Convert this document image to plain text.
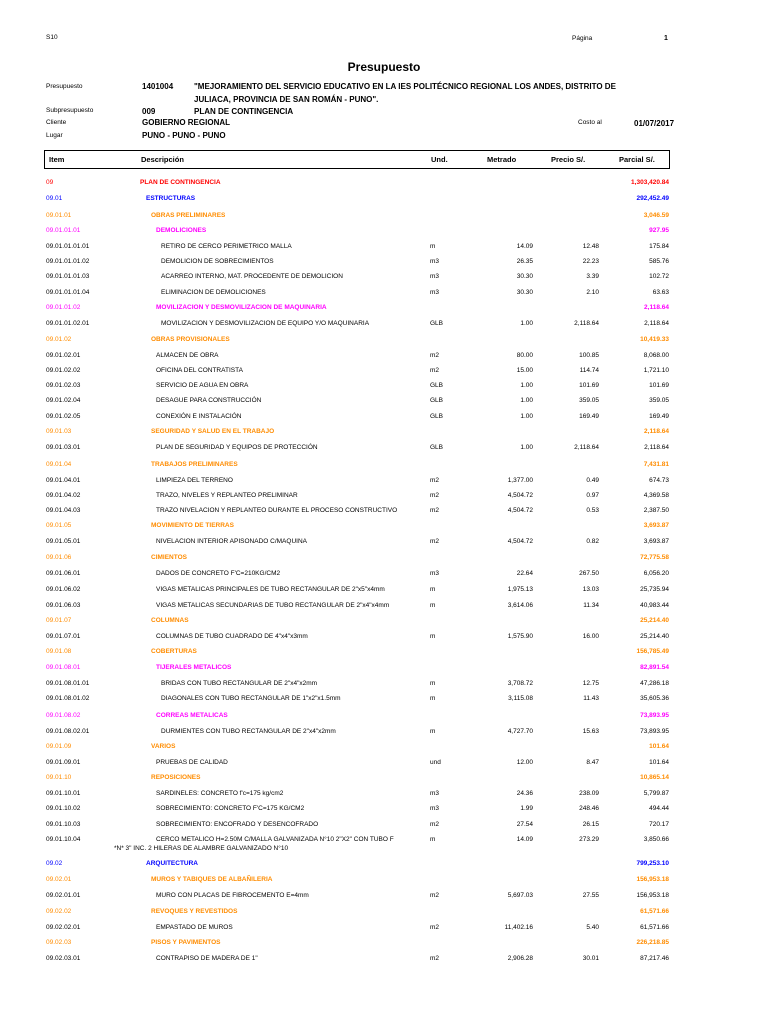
S10	Página	1
Presupuesto
Presupuesto	1401004	"MEJORAMIENTO DEL SERVICIO EDUCATIVO EN LA IES POLITÉCNICO REGIONAL LOS ANDES, DISTRITO DE
JULIACA, PROVINCIA DE SAN ROMÁN - PUNO".
Subpresupuesto	009	PLAN DE CONTINGENCIA
Cliente	GOBIERNO REGIONAL	Costo al	01/07/2017
Lugar	PUNO - PUNO - PUNO
Item	Descripción	Und.	Metrado	Precio S/.	Parcial S/.
09	PLAN DE CONTINGENCIA	1,303,420.84
09.01	ESTRUCTURAS	292,452.49
09.01.01	OBRAS PRELIMINARES	3,046.59
09.01.01.01	DEMOLICIONES	927.95
09.01.01.01.01	RETIRO DE CERCO PERIMETRICO MALLA	m	14.09	12.48	175.84
09.01.01.01.02	DEMOLICION DE SOBRECIMIENTOS	m3	26.35	22.23	585.76
09.01.01.01.03	ACARREO INTERNO, MAT. PROCEDENTE DE DEMOLICION	m3	30.30	3.39	102.72
09.01.01.01.04	ELIMINACION DE DEMOLICIONES	m3	30.30	2.10	63.63
09.01.01.02	MOVILIZACION Y DESMOVILIZACION DE MAQUINARIA	2,118.64
09.01.01.02.01	MOVILIZACION Y DESMOVILIZACION DE EQUIPO Y/O MAQUINARIA	GLB	1.00	2,118.64	2,118.64
09.01.02	OBRAS PROVISIONALES	10,419.33
09.01.02.01	ALMACEN DE OBRA	m2	80.00	100.85	8,068.00
09.01.02.02	OFICINA DEL CONTRATISTA	m2	15.00	114.74	1,721.10
09.01.02.03	SERVICIO DE AGUA EN OBRA	GLB	1.00	101.69	101.69
09.01.02.04	DESAGUE PARA CONSTRUCCIÓN	GLB	1.00	359.05	359.05
09.01.02.05	CONEXIÓN E INSTALACIÓN	GLB	1.00	169.49	169.49
09.01.03	SEGURIDAD Y SALUD EN EL TRABAJO	2,118.64
09.01.03.01	PLAN DE SEGURIDAD Y EQUIPOS DE PROTECCIÓN	GLB	1.00	2,118.64	2,118.64
09.01.04	TRABAJOS PRELIMINARES	7,431.81
09.01.04.01	LIMPIEZA DEL TERRENO	m2	1,377.00	0.49	674.73
09.01.04.02	TRAZO, NIVELES Y REPLANTEO PRELIMINAR	m2	4,504.72	0.97	4,369.58
09.01.04.03	TRAZO NIVELACION Y REPLANTEO DURANTE EL PROCESO CONSTRUCTIVO	m2	4,504.72	0.53	2,387.50
09.01.05	MOVIMIENTO DE TIERRAS	3,693.87
09.01.05.01	NIVELACION INTERIOR APISONADO C/MAQUINA	m2	4,504.72	0.82	3,693.87
09.01.06	CIMIENTOS	72,775.58
09.01.06.01	DADOS DE CONCRETO F'C=210KG/CM2	m3	22.64	267.50	6,056.20
09.01.06.02	VIGAS METALICAS PRINCIPALES DE TUBO RECTANGULAR DE 2"x5"x4mm	m	1,975.13	13.03	25,735.94
09.01.06.03	VIGAS METALICAS SECUNDARIAS DE TUBO RECTANGULAR DE 2"x4"x4mm	m	3,614.06	11.34	40,983.44
09.01.07	COLUMNAS	25,214.40
09.01.07.01	COLUMNAS DE TUBO CUADRADO DE 4"x4"x3mm	m	1,575.90	16.00	25,214.40
09.01.08	COBERTURAS	156,785.49
09.01.08.01	TIJERALES METALICOS	82,891.54
09.01.08.01.01	BRIDAS CON TUBO RECTANGULAR DE 2"x4"x2mm	m	3,708.72	12.75	47,286.18
09.01.08.01.02	DIAGONALES CON TUBO RECTANGULAR DE 1"x2"x1.5mm	m	3,115.08	11.43	35,605.36
09.01.08.02	CORREAS METALICAS	73,893.95
09.01.08.02.01	DURMIENTES CON TUBO RECTANGULAR DE 2"x4"x2mm	m	4,727.70	15.63	73,893.95
09.01.09	VARIOS	101.64
09.01.09.01	PRUEBAS DE CALIDAD	und	12.00	8.47	101.64
09.01.10	REPOSICIONES	10,865.14
09.01.10.01	SARDINELES: CONCRETO f'c=175 kg/cm2	m3	24.36	238.09	5,799.87
09.01.10.02	SOBRECIMIENTO: CONCRETO F'C=175 KG/CM2	m3	1.99	248.46	494.44
09.01.10.03	SOBRECIMIENTO: ENCOFRADO Y DESENCOFRADO	m2	27.54	26.15	720.17
09.01.10.04	CERCO METALICO H=2.50M C/MALLA GALVANIZADA N°10 2"X2" CON TUBO F	m	14.09	273.29	3,850.66
*N* 3" INC. 2 HILERAS DE ALAMBRE GALVANIZADO N°10
09.02	ARQUITECTURA	799,253.10
09.02.01	MUROS Y TABIQUES DE ALBAÑILERIA	156,953.18
09.02.01.01	MURO CON PLACAS DE FIBROCEMENTO E=4mm	m2	5,697.03	27.55	156,953.18
09.02.02	REVOQUES Y REVESTIDOS	61,571.66
09.02.02.01	EMPASTADO DE MUROS	m2	11,402.16	5.40	61,571.66
09.02.03	PISOS Y PAVIMENTOS	226,218.85
09.02.03.01	CONTRAPISO DE MADERA DE 1"	m2	2,906.28	30.01	87,217.46
